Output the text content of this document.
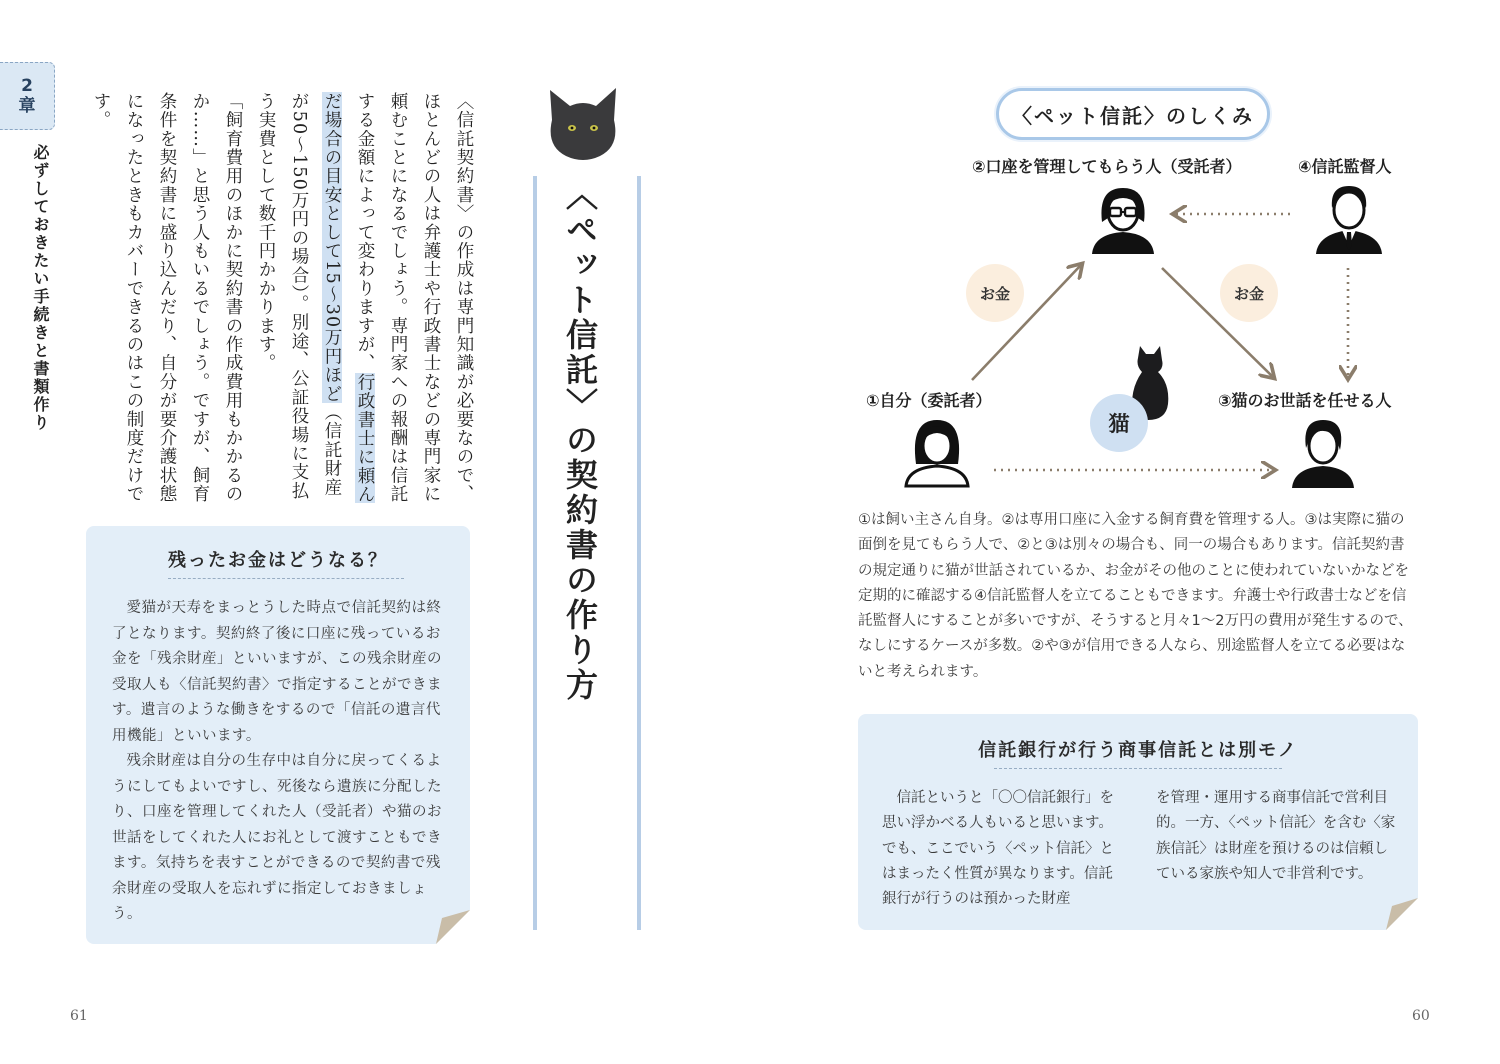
2
章
必ずしておきたい手続きと書類作り	〈信託契約書〉の作成は専門知識が必要なので、ほとんどの人は弁護士や行政書士などの専門家に頼むことになるでしょう。専門家への報酬は信託する金額によって変わりますが、行政書士に頼んだ場合の目安として15〜30万円ほど（信託財産が50〜150万円の場合）。別途、公証役場に支払う実費として数千円かかります。

「飼育費用のほかに契約書の作成費用もかかるのか……」と思う人もいるでしょう。ですが、飼育条件を契約書に盛り込んだり、自分が要介護状態になったときもカバーできるのはこの制度だけです。

残ったお金はどうなる？

愛猫が天寿をまっとうした時点で信託契約は終了となります。契約終了後に口座に残っているお金を「残余財産」といいますが、この残余財産の受取人も〈信託契約書〉で指定することができます。遺言のような働きをするので「信託の遺言代用機能」といいます。

残余財産は自分の生存中は自分に戻ってくるようにしてもよいですし、死後なら遺族に分配したり、口座を管理してくれた人（受託者）や猫のお世話をしてくれた人にお礼として渡すこともできます。気持ちを表すことができるので契約書で残余財産の受取人を忘れずに指定しておきましょう。

〈ペット信託〉の契約書の作り方
〈ペット信託〉のしくみ
②口座を管理してもらう人（受託者）	④信託監督人
①自分（委託者）	③猫のお世話を任せる人
お金	お金
猫

①は飼い主さん自身。②は専用口座に入金する飼育費を管理する人。③は実際に猫の面倒を見てもらう人で、②と③は別々の場合も、同一の場合もあります。信託契約書の規定通りに猫が世話されているか、お金がその他のことに使われていないかなどを定期的に確認する④信託監督人を立てることもできます。弁護士や行政書士などを信託監督人にすることが多いですが、そうすると月々1〜2万円の費用が発生するので、なしにするケースが多数。②や③が信用できる人なら、別途監督人を立てる必要はないと考えられます。

信託銀行が行う商事信託とは別モノ

信託というと「〇〇信託銀行」を思い浮かべる人もいると思います。でも、ここでいう〈ペット信託〉とはまったく性質が異なります。信託銀行が行うのは預かった財産

を管理・運用する商事信託で営利目的。一方、〈ペット信託〉を含む〈家族信託〉は財産を預けるのは信頼している家族や知人で非営利です。

61	60
